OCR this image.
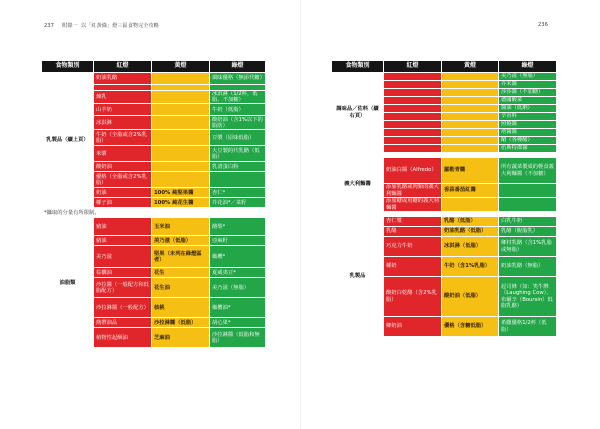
237 附錄一 以「紅黃綠」燈三區食物完全攻略	236
食物類別	紅燈	黃燈	綠燈
乳製品（續上頁）	奶油乳酪		風味優格（無添代糖）

	煉乳		冰淇淋（1/2杯，低脂、不加糖）
	山羊奶		牛奶（低脂）
	冰淇淋		酸奶油（含1%以下的脂肪）
	牛奶（全脂或含2%乳脂）		豆漿（原味低脂）
	米漿		大豆製的代乳酪（低脂）
	酸奶油		乳清蛋白粉
	優格（全脂或含2%乳脂）		
	奶油	100% 純堅果醬	杏仁*
	椰子油	100% 純花生醬	芥花油*／菜籽
*攝取的分量有所限制。			
油脂類	豬油	玉米油	酪梨*
	豬油	美乃滋（低脂）	亞麻籽
	美乃滋	堅果（未列在綠燈區者）	橄欖*
	棕櫚油	花生	夏威夷豆*
	沙拉醬（一般配方和低脂配方）	花生油	美乃滋（無脂）
	沙拉淋醬（一般配方）	核桃	橄欖油*
	熱帶油品	沙拉淋醬（低脂）	胡心果*
	植物性起酥油	芝麻油	沙拉淋醬（低脂和無脂）
食物類別	紅燈	黃燈	綠燈
調味品／佐料（續右頁）			美乃滋（無脂）
			芥末醬
			莎莎醬（不加糖）
			德國酸菜
			醬油（低鈉）
			辛香料
			照燒醬
			塔醬醬
			醋（各種醋）
			伍斯特郡醬

義大利麵醬	奶油白醬（Alfredo）	羅勒青醬	所有蔬菜製成的輕食義大利麵醬（不加糖）
	添加乳酪或肉類的義大利麵醬	香蒜番茄紅醬	
	添加糖或用糖的義大利麵醬		

乳製品	杏仁漿	乳酪（低脂）	白乳牛奶
	乳酪	奶油乳酪（低脂）	乳酪（脫脂乳）
	巧克力牛奶	冰淇淋（低脂）	鄉村乳酪（含1%乳脂或無脂）
	椰奶	牛奶（含1%乳脂）	奶油乳酪（無脂）
	酸奶白乾酪（含2%乳脂）	酸奶油（低脂）	起司條（如：笑牛牌（Laughing Cow）、布爾辛（Boursin）低脂乳酪）
	鄉奶油	優格（含糖低脂）	希臘優格1/2杯（低脂）
